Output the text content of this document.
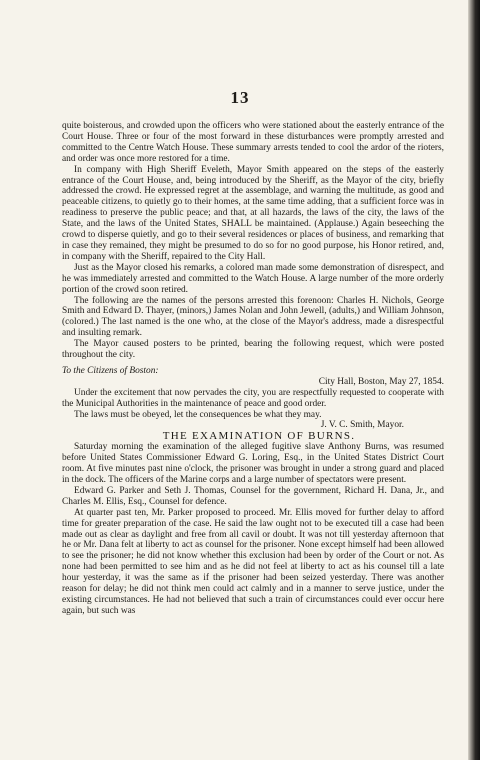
13

quite boisterous, and crowded upon the officers who were stationed about the easterly entrance of the Court House. Three or four of the most forward in these disturbances were promptly arrested and committed to the Centre Watch House. These summary arrests tended to cool the ardor of the rioters, and order was once more restored for a time.

In company with High Sheriff Eveleth, Mayor Smith appeared on the steps of the easterly entrance of the Court House, and, being introduced by the Sheriff, as the Mayor of the city, briefly addressed the crowd. He expressed regret at the assemblage, and warning the multitude, as good and peaceable citizens, to quietly go to their homes, at the same time adding, that a sufficient force was in readiness to preserve the public peace; and that, at all hazards, the laws of the city, the laws of the State, and the laws of the United States, SHALL be maintained. (Applause.) Again beseeching the crowd to disperse quietly, and go to their several residences or places of business, and remarking that in case they remained, they might be presumed to do so for no good purpose, his Honor retired, and, in company with the Sheriff, repaired to the City Hall.

Just as the Mayor closed his remarks, a colored man made some demonstration of disrespect, and he was immediately arrested and committed to the Watch House. A large number of the more orderly portion of the crowd soon retired.

The following are the names of the persons arrested this forenoon: Charles H. Nichols, George Smith and Edward D. Thayer, (minors,) James Nolan and John Jewell, (adults,) and William Johnson, (colored.) The last named is the one who, at the close of the Mayor's address, made a disrespectful and insulting remark.

The Mayor caused posters to be printed, bearing the following request, which were posted throughout the city.

To the Citizens of Boston:

City Hall, Boston, May 27, 1854.

Under the excitement that now pervades the city, you are respectfully requested to cooperate with the Municipal Authorities in the maintenance of peace and good order.

The laws must be obeyed, let the consequences be what they may.

J. V. C. Smith, Mayor.

THE EXAMINATION OF BURNS.

Saturday morning the examination of the alleged fugitive slave Anthony Burns, was resumed before United States Commissioner Edward G. Loring, Esq., in the United States District Court room. At five minutes past nine o'clock, the prisoner was brought in under a strong guard and placed in the dock. The officers of the Marine corps and a large number of spectators were present.

Edward G. Parker and Seth J. Thomas, Counsel for the government, Richard H. Dana, Jr., and Charles M. Ellis, Esq., Counsel for defence.

At quarter past ten, Mr. Parker proposed to proceed. Mr. Ellis moved for further delay to afford time for greater preparation of the case. He said the law ought not to be executed till a case had been made out as clear as daylight and free from all cavil or doubt. It was not till yesterday afternoon that he or Mr. Dana felt at liberty to act as counsel for the prisoner. None except himself had been allowed to see the prisoner; he did not know whether this exclusion had been by order of the Court or not. As none had been permitted to see him and as he did not feel at liberty to act as his counsel till a late hour yesterday, it was the same as if the prisoner had been seized yesterday. There was another reason for delay; he did not think men could act calmly and in a manner to serve justice, under the existing circumstances. He had not believed that such a train of circumstances could ever occur here again, but such was
